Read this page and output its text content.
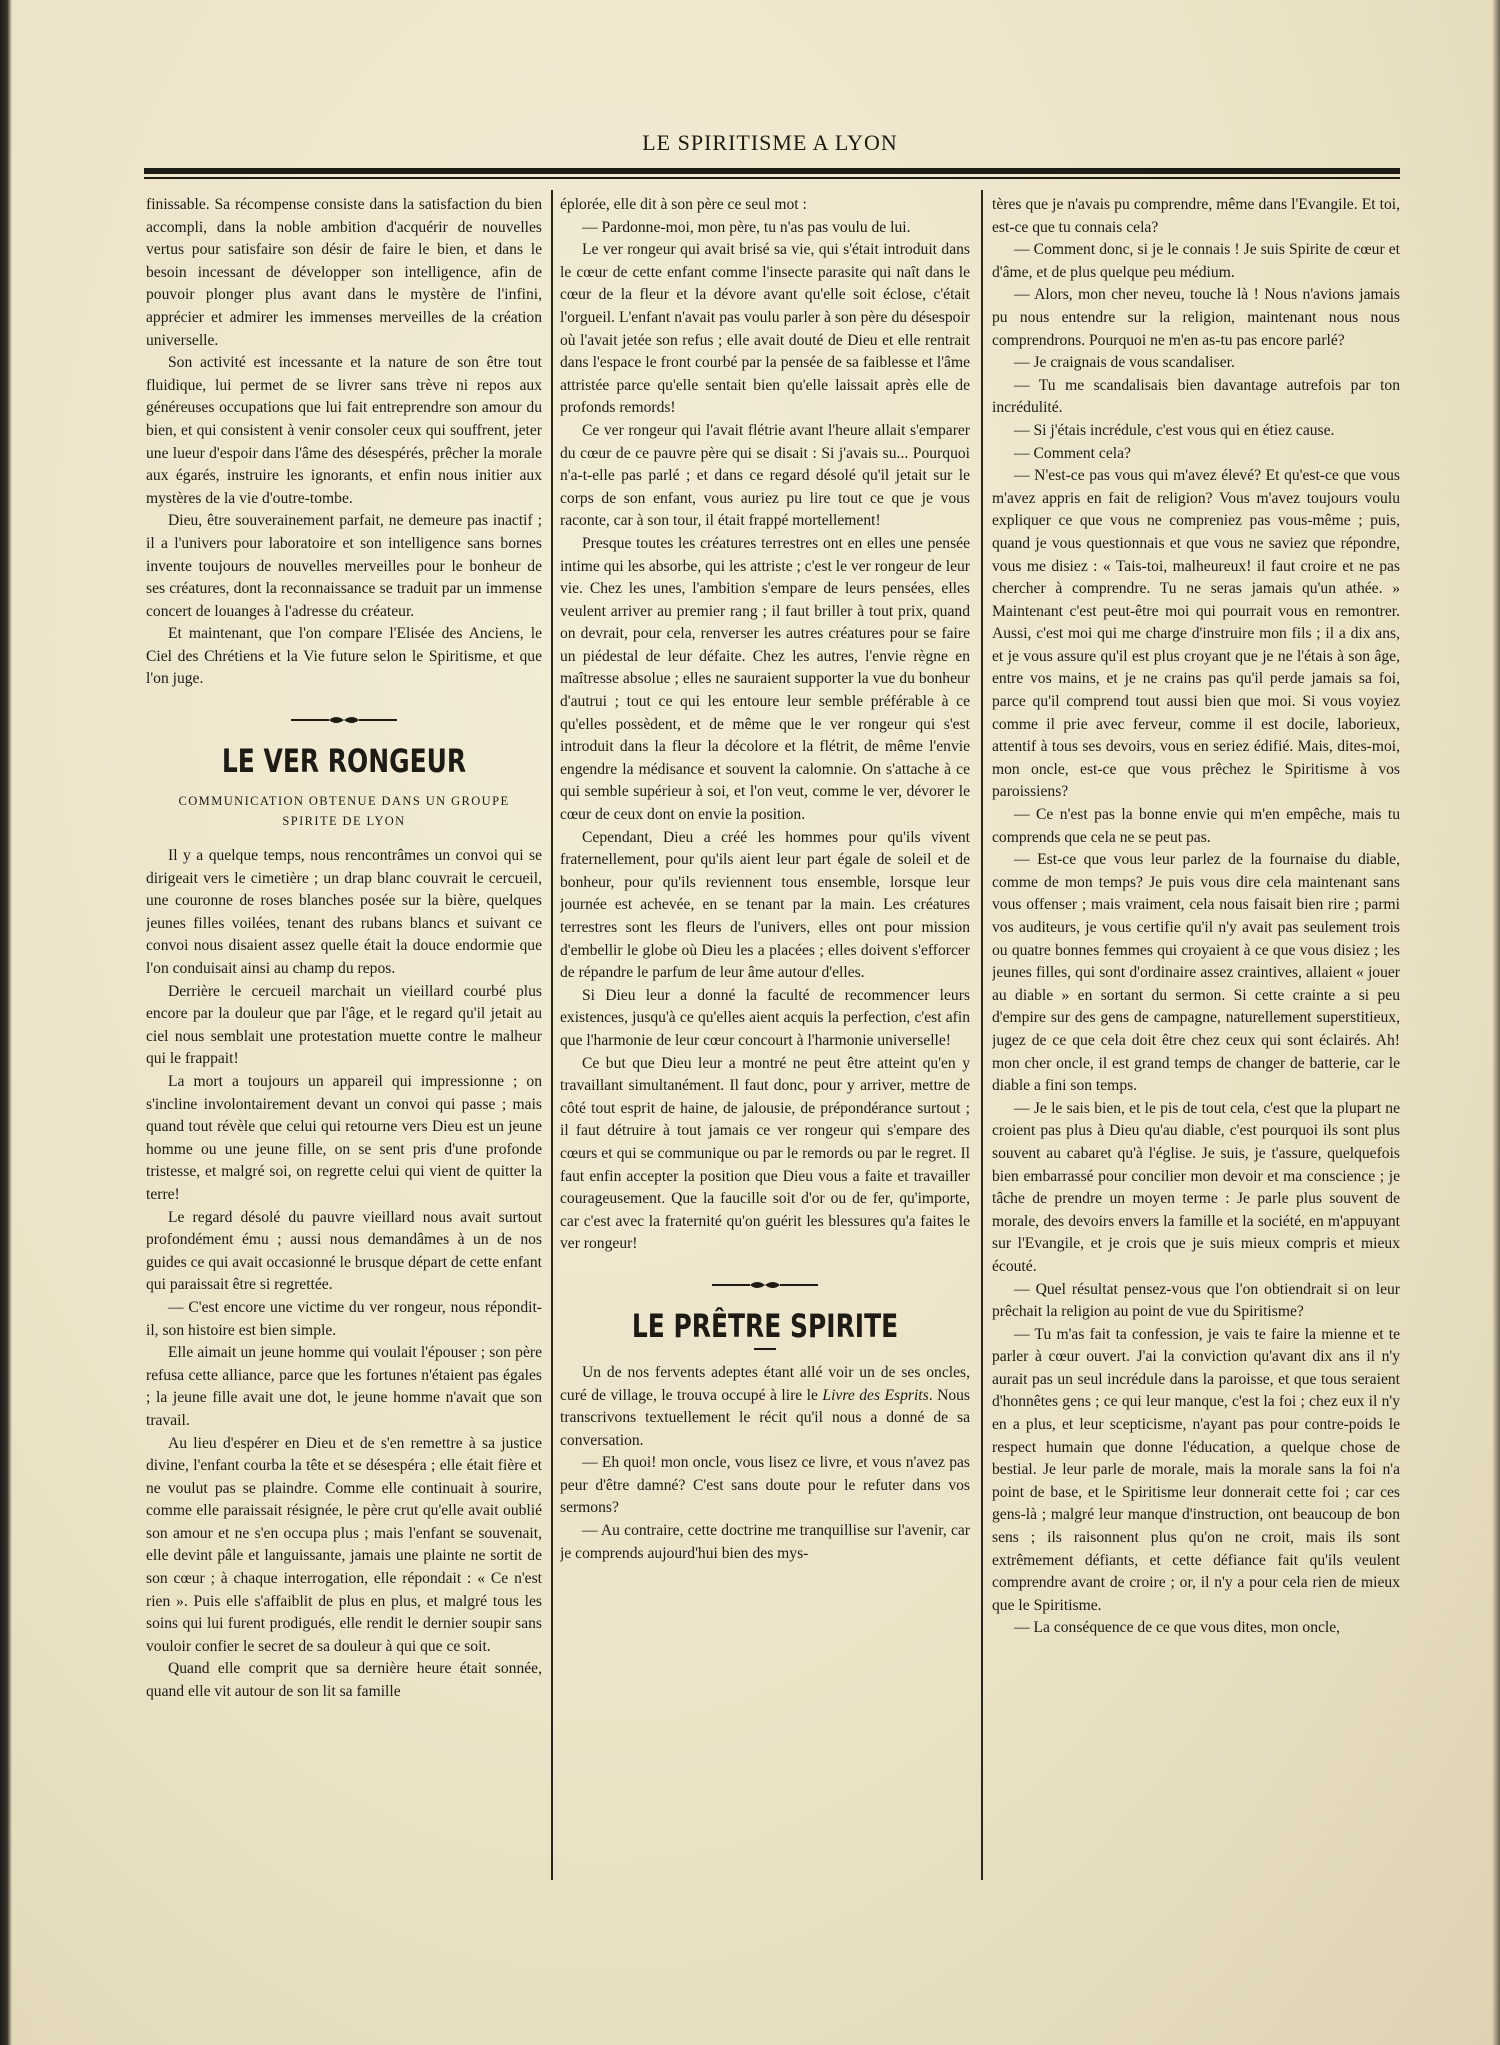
LE SPIRITISME A LYON

finissable. Sa récompense consiste dans la satisfaction du bien accompli, dans la noble ambition d'acquérir de nouvelles vertus pour satisfaire son désir de faire le bien, et dans le besoin incessant de développer son intelligence, afin de pouvoir plonger plus avant dans le mystère de l'infini, apprécier et admirer les immenses merveilles de la création universelle.

Son activité est incessante et la nature de son être tout fluidique, lui permet de se livrer sans trève ni repos aux généreuses occupations que lui fait entreprendre son amour du bien, et qui consistent à venir consoler ceux qui souffrent, jeter une lueur d'espoir dans l'âme des désespérés, prêcher la morale aux égarés, instruire les ignorants, et enfin nous initier aux mystères de la vie d'outre-tombe.

Dieu, être souverainement parfait, ne demeure pas inactif ; il a l'univers pour laboratoire et son intelligence sans bornes invente toujours de nouvelles merveilles pour le bonheur de ses créatures, dont la reconnaissance se traduit par un immense concert de louanges à l'adresse du créateur.

Et maintenant, que l'on compare l'Elisée des Anciens, le Ciel des Chrétiens et la Vie future selon le Spiritisme, et que l'on juge.

LE VER RONGEUR
COMMUNICATION OBTENUE DANS UN GROUPE SPIRITE DE LYON

Il y a quelque temps, nous rencontrâmes un convoi qui se dirigeait vers le cimetière ; un drap blanc couvrait le cercueil, une couronne de roses blanches posée sur la bière, quelques jeunes filles voilées, tenant des rubans blancs et suivant ce convoi nous disaient assez quelle était la douce endormie que l'on conduisait ainsi au champ du repos.

Derrière le cercueil marchait un vieillard courbé plus encore par la douleur que par l'âge, et le regard qu'il jetait au ciel nous semblait une protestation muette contre le malheur qui le frappait!

La mort a toujours un appareil qui impressionne ; on s'incline involontairement devant un convoi qui passe ; mais quand tout révèle que celui qui retourne vers Dieu est un jeune homme ou une jeune fille, on se sent pris d'une profonde tristesse, et malgré soi, on regrette celui qui vient de quitter la terre!

Le regard désolé du pauvre vieillard nous avait surtout profondément ému ; aussi nous demandâmes à un de nos guides ce qui avait occasionné le brusque départ de cette enfant qui paraissait être si regrettée.

— C'est encore une victime du ver rongeur, nous répondit-il, son histoire est bien simple.

Elle aimait un jeune homme qui voulait l'épouser ; son père refusa cette alliance, parce que les fortunes n'étaient pas égales ; la jeune fille avait une dot, le jeune homme n'avait que son travail.

Au lieu d'espérer en Dieu et de s'en remettre à sa justice divine, l'enfant courba la tête et se désespéra ; elle était fière et ne voulut pas se plaindre. Comme elle continuait à sourire, comme elle paraissait résignée, le père crut qu'elle avait oublié son amour et ne s'en occupa plus ; mais l'enfant se souvenait, elle devint pâle et languissante, jamais une plainte ne sortit de son cœur ; à chaque interrogation, elle répondait : « Ce n'est rien ». Puis elle s'affaiblit de plus en plus, et malgré tous les soins qui lui furent prodigués, elle rendit le dernier soupir sans vouloir confier le secret de sa douleur à qui que ce soit.

Quand elle comprit que sa dernière heure était sonnée, quand elle vit autour de son lit sa famille

éplorée, elle dit à son père ce seul mot :

— Pardonne-moi, mon père, tu n'as pas voulu de lui.

Le ver rongeur qui avait brisé sa vie, qui s'était introduit dans le cœur de cette enfant comme l'insecte parasite qui naît dans le cœur de la fleur et la dévore avant qu'elle soit éclose, c'était l'orgueil. L'enfant n'avait pas voulu parler à son père du désespoir où l'avait jetée son refus ; elle avait douté de Dieu et elle rentrait dans l'espace le front courbé par la pensée de sa faiblesse et l'âme attristée parce qu'elle sentait bien qu'elle laissait après elle de profonds remords!

Ce ver rongeur qui l'avait flétrie avant l'heure allait s'emparer du cœur de ce pauvre père qui se disait : Si j'avais su... Pourquoi n'a-t-elle pas parlé ; et dans ce regard désolé qu'il jetait sur le corps de son enfant, vous auriez pu lire tout ce que je vous raconte, car à son tour, il était frappé mortellement!

Presque toutes les créatures terrestres ont en elles une pensée intime qui les absorbe, qui les attriste ; c'est le ver rongeur de leur vie. Chez les unes, l'ambition s'empare de leurs pensées, elles veulent arriver au premier rang ; il faut briller à tout prix, quand on devrait, pour cela, renverser les autres créatures pour se faire un piédestal de leur défaite. Chez les autres, l'envie règne en maîtresse absolue ; elles ne sauraient supporter la vue du bonheur d'autrui ; tout ce qui les entoure leur semble préférable à ce qu'elles possèdent, et de même que le ver rongeur qui s'est introduit dans la fleur la décolore et la flétrit, de même l'envie engendre la médisance et souvent la calomnie. On s'attache à ce qui semble supérieur à soi, et l'on veut, comme le ver, dévorer le cœur de ceux dont on envie la position.

Cependant, Dieu a créé les hommes pour qu'ils vivent fraternellement, pour qu'ils aient leur part égale de soleil et de bonheur, pour qu'ils reviennent tous ensemble, lorsque leur journée est achevée, en se tenant par la main. Les créatures terrestres sont les fleurs de l'univers, elles ont pour mission d'embellir le globe où Dieu les a placées ; elles doivent s'efforcer de répandre le parfum de leur âme autour d'elles.

Si Dieu leur a donné la faculté de recommencer leurs existences, jusqu'à ce qu'elles aient acquis la perfection, c'est afin que l'harmonie de leur cœur concourt à l'harmonie universelle!

Ce but que Dieu leur a montré ne peut être atteint qu'en y travaillant simultanément. Il faut donc, pour y arriver, mettre de côté tout esprit de haine, de jalousie, de prépondérance surtout ; il faut détruire à tout jamais ce ver rongeur qui s'empare des cœurs et qui se communique ou par le remords ou par le regret. Il faut enfin accepter la position que Dieu vous a faite et travailler courageusement. Que la faucille soit d'or ou de fer, qu'importe, car c'est avec la fraternité qu'on guérit les blessures qu'a faites le ver rongeur!

LE PRÊTRE SPIRITE

Un de nos fervents adeptes étant allé voir un de ses oncles, curé de village, le trouva occupé à lire le Livre des Esprits. Nous transcrivons textuellement le récit qu'il nous a donné de sa conversation.

— Eh quoi! mon oncle, vous lisez ce livre, et vous n'avez pas peur d'être damné? C'est sans doute pour le refuter dans vos sermons?

— Au contraire, cette doctrine me tranquillise sur l'avenir, car je comprends aujourd'hui bien des mys-

tères que je n'avais pu comprendre, même dans l'Evangile. Et toi, est-ce que tu connais cela?

— Comment donc, si je le connais ! Je suis Spirite de cœur et d'âme, et de plus quelque peu médium.

— Alors, mon cher neveu, touche là ! Nous n'avions jamais pu nous entendre sur la religion, maintenant nous nous comprendrons. Pourquoi ne m'en as-tu pas encore parlé?

— Je craignais de vous scandaliser.

— Tu me scandalisais bien davantage autrefois par ton incrédulité.

— Si j'étais incrédule, c'est vous qui en étiez cause.

— Comment cela?

— N'est-ce pas vous qui m'avez élevé? Et qu'est-ce que vous m'avez appris en fait de religion? Vous m'avez toujours voulu expliquer ce que vous ne compreniez pas vous-même ; puis, quand je vous questionnais et que vous ne saviez que répondre, vous me disiez : « Tais-toi, malheureux! il faut croire et ne pas chercher à comprendre. Tu ne seras jamais qu'un athée. » Maintenant c'est peut-être moi qui pourrait vous en remontrer. Aussi, c'est moi qui me charge d'instruire mon fils ; il a dix ans, et je vous assure qu'il est plus croyant que je ne l'étais à son âge, entre vos mains, et je ne crains pas qu'il perde jamais sa foi, parce qu'il comprend tout aussi bien que moi. Si vous voyiez comme il prie avec ferveur, comme il est docile, laborieux, attentif à tous ses devoirs, vous en seriez édifié. Mais, dites-moi, mon oncle, est-ce que vous prêchez le Spiritisme à vos paroissiens?

— Ce n'est pas la bonne envie qui m'en empêche, mais tu comprends que cela ne se peut pas.

— Est-ce que vous leur parlez de la fournaise du diable, comme de mon temps? Je puis vous dire cela maintenant sans vous offenser ; mais vraiment, cela nous faisait bien rire ; parmi vos auditeurs, je vous certifie qu'il n'y avait pas seulement trois ou quatre bonnes femmes qui croyaient à ce que vous disiez ; les jeunes filles, qui sont d'ordinaire assez craintives, allaient « jouer au diable » en sortant du sermon. Si cette crainte a si peu d'empire sur des gens de campagne, naturellement superstitieux, jugez de ce que cela doit être chez ceux qui sont éclairés. Ah! mon cher oncle, il est grand temps de changer de batterie, car le diable a fini son temps.

— Je le sais bien, et le pis de tout cela, c'est que la plupart ne croient pas plus à Dieu qu'au diable, c'est pourquoi ils sont plus souvent au cabaret qu'à l'église. Je suis, je t'assure, quelquefois bien embarrassé pour concilier mon devoir et ma conscience ; je tâche de prendre un moyen terme : Je parle plus souvent de morale, des devoirs envers la famille et la société, en m'appuyant sur l'Evangile, et je crois que je suis mieux compris et mieux écouté.

— Quel résultat pensez-vous que l'on obtiendrait si on leur prêchait la religion au point de vue du Spiritisme?

— Tu m'as fait ta confession, je vais te faire la mienne et te parler à cœur ouvert. J'ai la conviction qu'avant dix ans il n'y aurait pas un seul incrédule dans la paroisse, et que tous seraient d'honnêtes gens ; ce qui leur manque, c'est la foi ; chez eux il n'y en a plus, et leur scepticisme, n'ayant pas pour contre-poids le respect humain que donne l'éducation, a quelque chose de bestial. Je leur parle de morale, mais la morale sans la foi n'a point de base, et le Spiritisme leur donnerait cette foi ; car ces gens-là ; malgré leur manque d'instruction, ont beaucoup de bon sens ; ils raisonnent plus qu'on ne croit, mais ils sont extrêmement défiants, et cette défiance fait qu'ils veulent comprendre avant de croire ; or, il n'y a pour cela rien de mieux que le Spiritisme.

— La conséquence de ce que vous dites, mon oncle,
